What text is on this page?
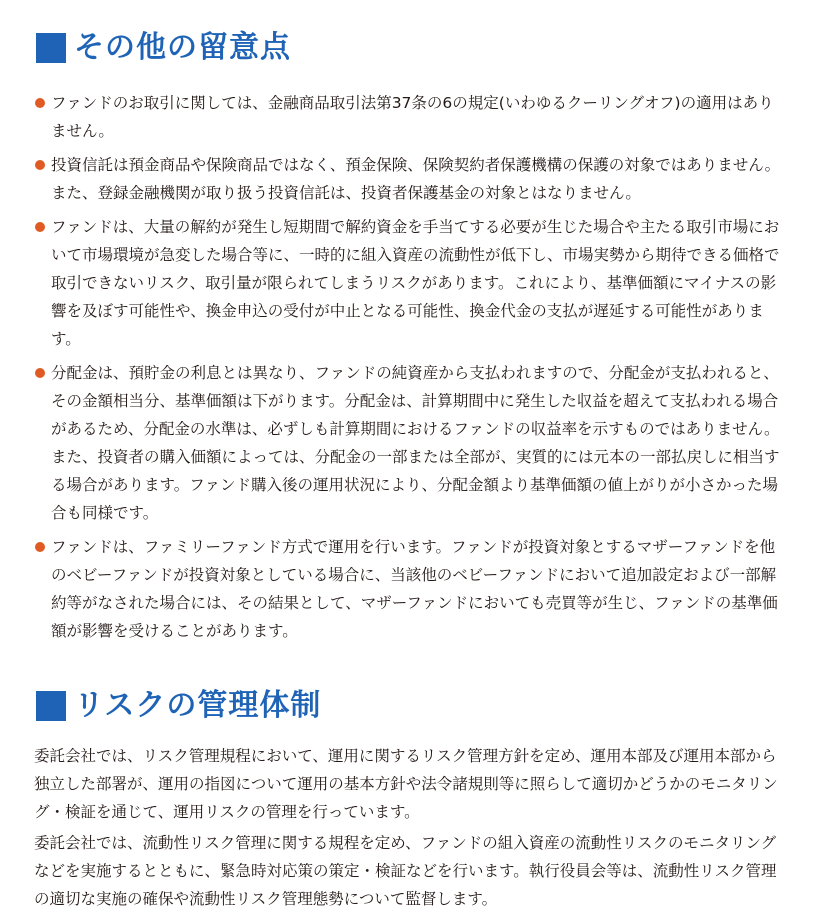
その他の留意点
ファンドのお取引に関しては、金融商品取引法第37条の6の規定(いわゆるクーリングオフ)の適用はありません。
投資信託は預金商品や保険商品ではなく、預金保険、保険契約者保護機構の保護の対象ではありません。また、登録金融機関が取り扱う投資信託は、投資者保護基金の対象とはなりません。
ファンドは、大量の解約が発生し短期間で解約資金を手当てする必要が生じた場合や主たる取引市場において市場環境が急変した場合等に、一時的に組入資産の流動性が低下し、市場実勢から期待できる価格で取引できないリスク、取引量が限られてしまうリスクがあります。これにより、基準価額にマイナスの影響を及ぼす可能性や、換金申込の受付が中止となる可能性、換金代金の支払が遅延する可能性があります。
分配金は、預貯金の利息とは異なり、ファンドの純資産から支払われますので、分配金が支払われると、その金額相当分、基準価額は下がります。分配金は、計算期間中に発生した収益を超えて支払われる場合があるため、分配金の水準は、必ずしも計算期間におけるファンドの収益率を示すものではありません。また、投資者の購入価額によっては、分配金の一部または全部が、実質的には元本の一部払戻しに相当する場合があります。ファンド購入後の運用状況により、分配金額より基準価額の値上がりが小さかった場合も同様です。
ファンドは、ファミリーファンド方式で運用を行います。ファンドが投資対象とするマザーファンドを他のベビーファンドが投資対象としている場合に、当該他のベビーファンドにおいて追加設定および一部解約等がなされた場合には、その結果として、マザーファンドにおいても売買等が生じ、ファンドの基準価額が影響を受けることがあります。
リスクの管理体制

委託会社では、リスク管理規程において、運用に関するリスク管理方針を定め、運用本部及び運用本部から独立した部署が、運用の指図について運用の基本方針や法令諸規則等に照らして適切かどうかのモニタリング・検証を通じて、運用リスクの管理を行っています。

委託会社では、流動性リスク管理に関する規程を定め、ファンドの組入資産の流動性リスクのモニタリングなどを実施するとともに、緊急時対応策の策定・検証などを行います。執行役員会等は、流動性リスク管理の適切な実施の確保や流動性リスク管理態勢について監督します。
